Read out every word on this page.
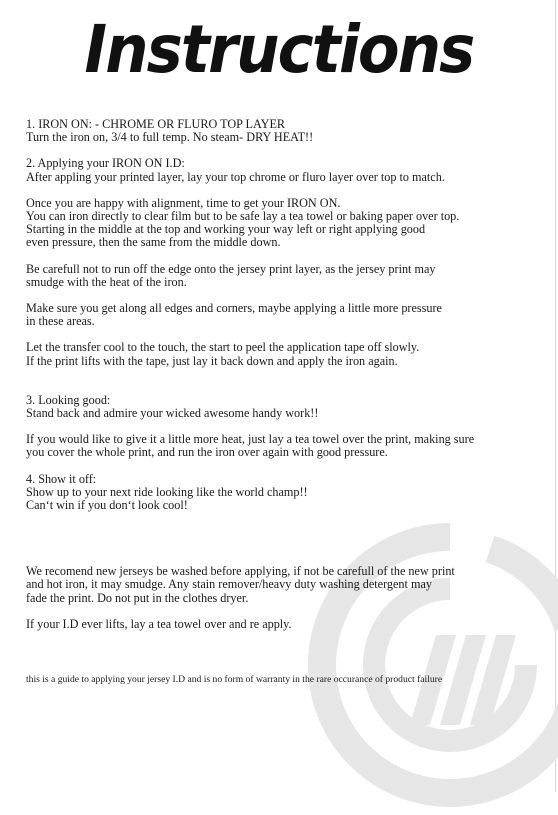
Instructions

1. IRON ON: - CHROME OR FLURO TOP LAYER
Turn the iron on, 3/4 to full temp. No steam- DRY HEAT!!

2. Applying your IRON ON I.D:
After appling your printed layer, lay your top chrome or fluro layer over top to match.

Once you are happy with alignment, time to get your IRON ON.
You can iron directly to clear film but to be safe lay a tea towel or baking paper over top.
Starting in the middle at the top and working your way left or right applying good
even pressure, then the same from the middle down.

Be carefull not to run off the edge onto the jersey print layer, as the jersey print may
smudge with the heat of the iron.

Make sure you get along all edges and corners, maybe applying a little more pressure
in these areas.

Let the transfer cool to the touch, the start to peel the application tape off slowly.
If the print lifts with the tape, just lay it back down and apply the iron again.

3. Looking good:
Stand back and admire your wicked awesome handy work!!

If you would like to give it a little more heat, just lay a tea towel over the print, making sure
you cover the whole print, and run the iron over again with good pressure.

4. Show it off:
Show up to your next ride looking like the world champ!!
Can‘t win if you don‘t look cool!

We recomend new jerseys be washed before applying, if not be carefull of the new print
and hot iron, it may smudge. Any stain remover/heavy duty washing detergent may
fade the print. Do not put in the clothes dryer.

If your I.D ever lifts, lay a tea towel over and re apply.

this is a guide to applying your jersey I.D and is no form of warranty in the rare occurance of product failure
